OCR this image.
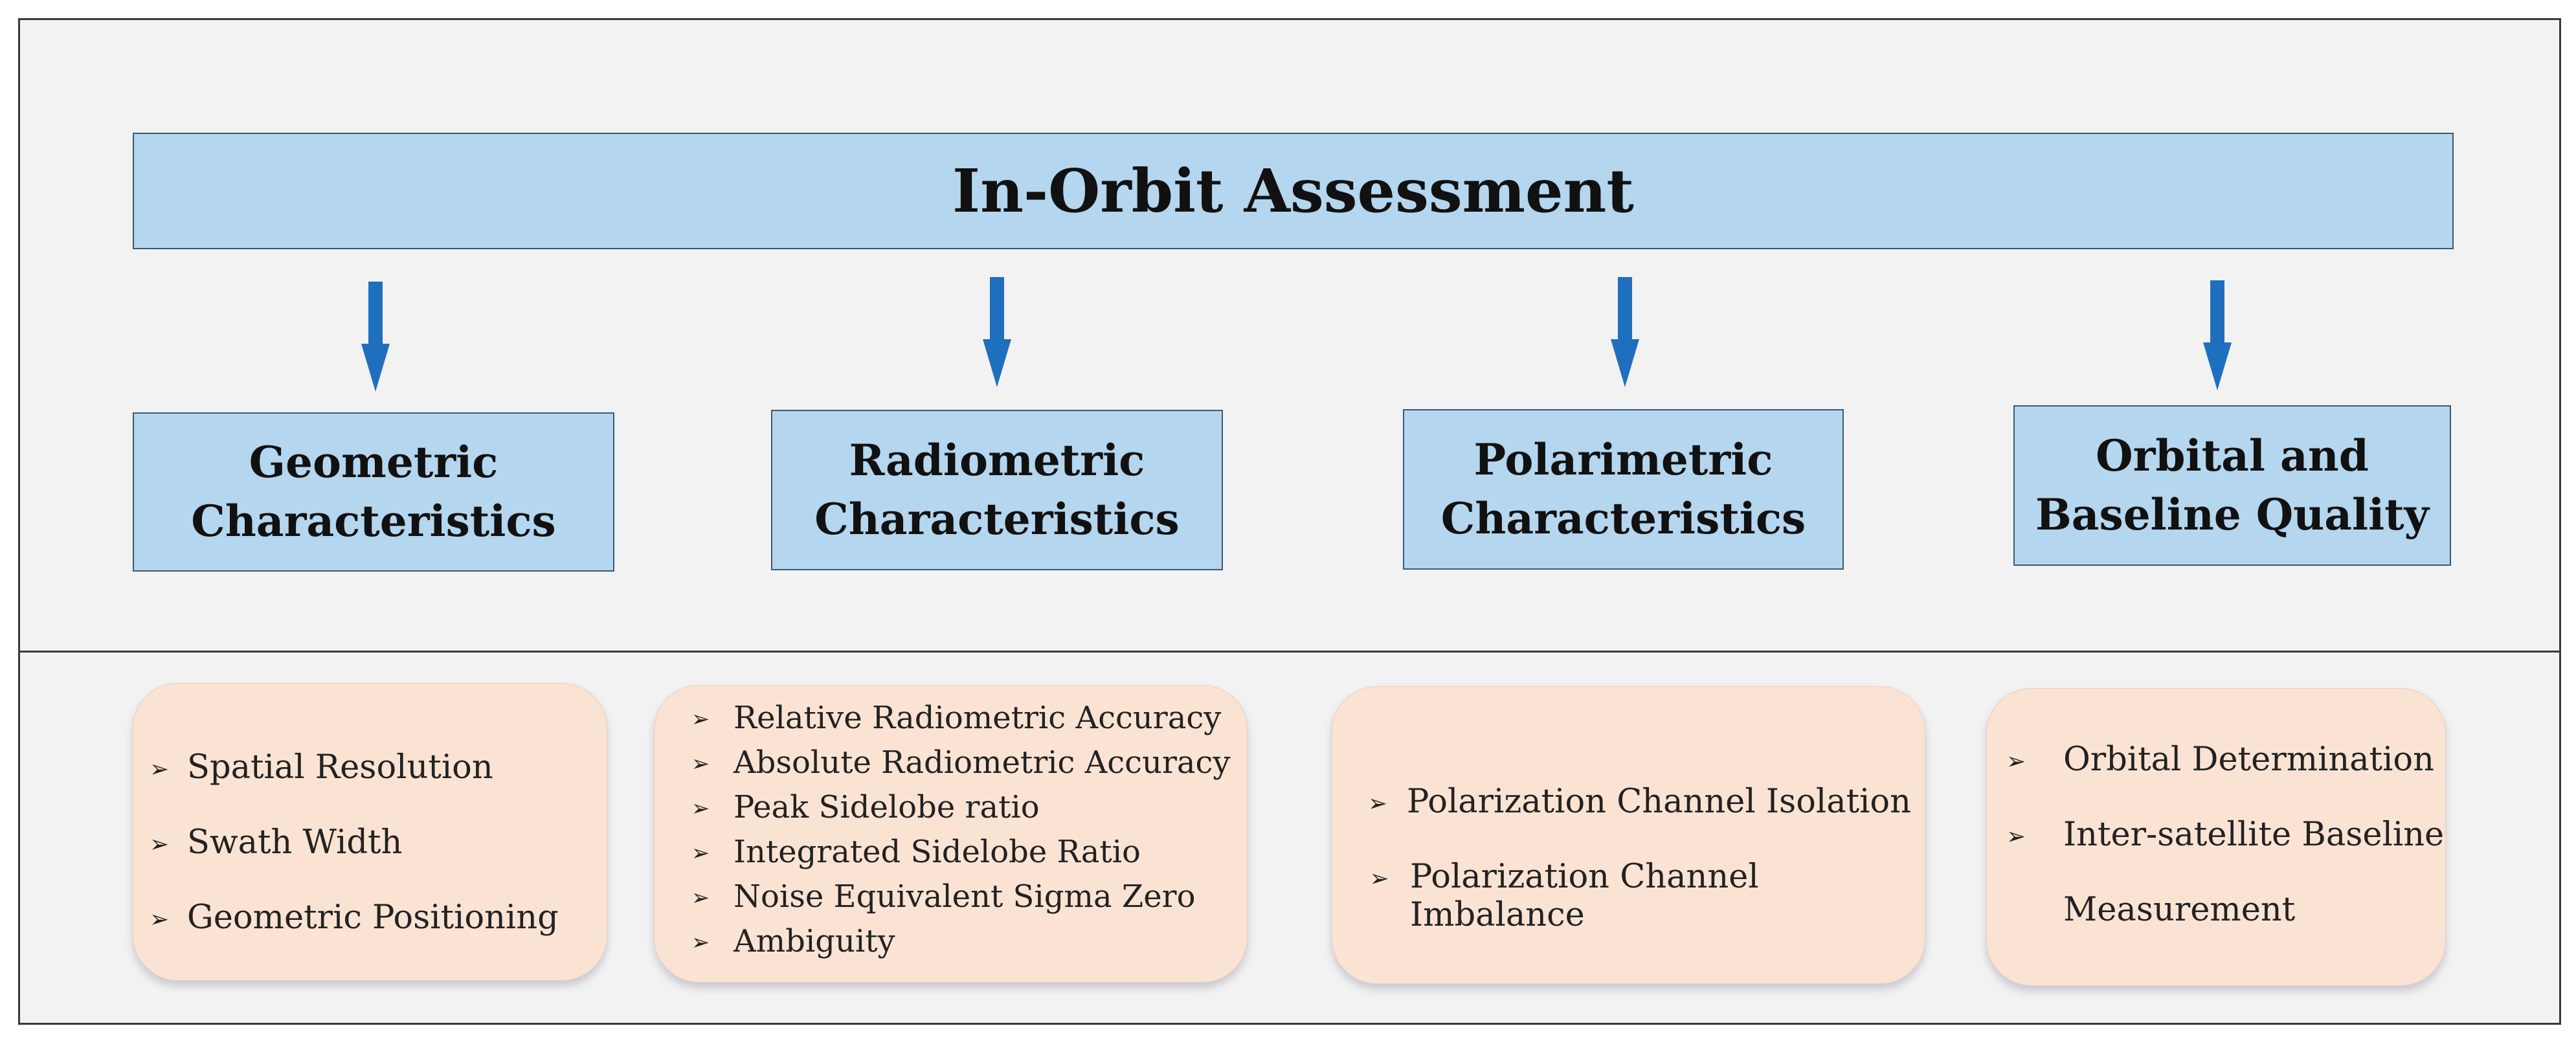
In-Orbit Assessment
Geometric
Characteristics
Radiometric
Characteristics
Polarimetric
Characteristics
Orbital and
Baseline Quality
➢ Spatial Resolution
➢ Swath Width
➢ Geometric Positioning
➢ Relative Radiometric Accuracy
➢ Absolute Radiometric Accuracy
➢ Peak Sidelobe ratio
➢ Integrated Sidelobe Ratio
➢ Noise Equivalent Sigma Zero
➢ Ambiguity
➢ Polarization Channel Isolation
➢ Polarization Channel Imbalance
➢	Orbital Determination
➢	Inter-satellite Baseline
Measurement
